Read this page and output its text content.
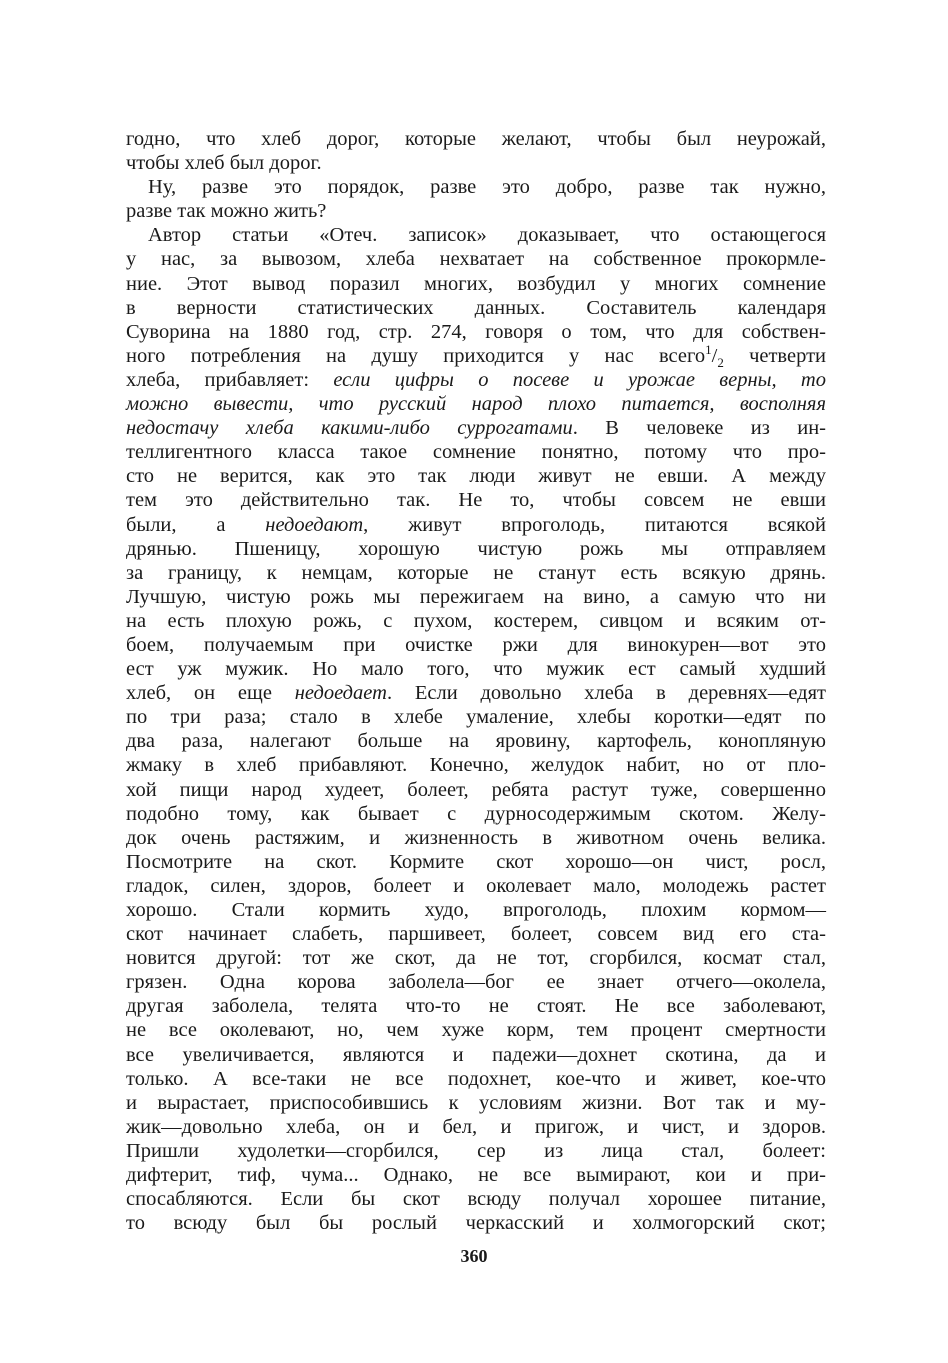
годно, что хлеб дорог, которые желают, чтобы был неурожай,
чтобы хлеб был дорог.
Ну, разве это порядок, разве это добро, разве так нужно,
разве так можно жить?
Автор статьи «Отеч. записок» доказывает, что остающегося
у нас, за вывозом, хлеба нехватает на собственное прокормле-
ние. Этот вывод поразил многих, возбудил у многих сомнение
в верности статистических данных. Составитель календаря
Суворина на 1880 год, стр. 274, говоря о том, что для собствен-
ного потребления на душу приходится у нас $всего^1/_2$ четверти
хлеба, прибавляет: если цифры о посеве и урожае верны, то
можно вывести, что русский народ плохо питается, восполняя
недостачу хлеба какими-либо суррогатами. В человеке из ин-
теллигентного класса такое сомнение понятно, потому что про-
сто не верится, как это так люди живут не евши. А между
тем это действительно так. Не то, чтобы совсем не евши
были, а недоедают, живут впроголодь, питаются всякой
дрянью. Пшеницу, хорошую чистую рожь мы отправляем
за границу, к немцам, которые не станут есть всякую дрянь.
Лучшую, чистую рожь мы пережигаем на вино, а самую что ни
на есть плохую рожь, с пухом, костерем, сивцом и всяким от-
боем, получаемым при очистке ржи для винокурен—вот это
ест уж мужик. Но мало того, что мужик ест самый худший
хлеб, он еще недоедает. Если довольно хлеба в деревнях—едят
по три раза; стало в хлебе умаление, хлебы коротки—едят по
два раза, налегают больше на яровину, картофель, конопляную
жмаку в хлеб прибавляют. Конечно, желудок набит, но от пло-
хой пищи народ худеет, болеет, ребята растут туже, совершенно
подобно тому, как бывает с дурносодержимым скотом. Желу-
док очень растяжим, и жизненность в животном очень велика.
Посмотрите на скот. Кормите скот хорошо—он чист, росл,
гладок, силен, здоров, болеет и околевает мало, молодежь растет
хорошо. Стали кормить худо, впроголодь, плохим кормом—
скот начинает слабеть, паршивеет, болеет, совсем вид его ста-
новится другой: тот же скот, да не тот, сгорбился, космат стал,
грязен. Одна корова заболела—бог ее знает отчего—околела,
другая заболела, телята что-то не стоят. Не все заболевают,
не все околевают, но, чем хуже корм, тем процент смертности
все увеличивается, являются и падежи—дохнет скотина, да и
только. А все-таки не все подохнет, кое-что и живет, кое-что
и вырастает, приспособившись к условиям жизни. Вот так и му-
жик—довольно хлеба, он и бел, и пригож, и чист, и здоров.
Пришли худолетки—сгорбился, сер из лица стал, болеет:
дифтерит, тиф, чума... Однако, не все вымирают, кои и при-
спосабляются. Если бы скот всюду получал хорошее питание,
то всюду был бы рослый черкасский и холмогорский скот;
360
